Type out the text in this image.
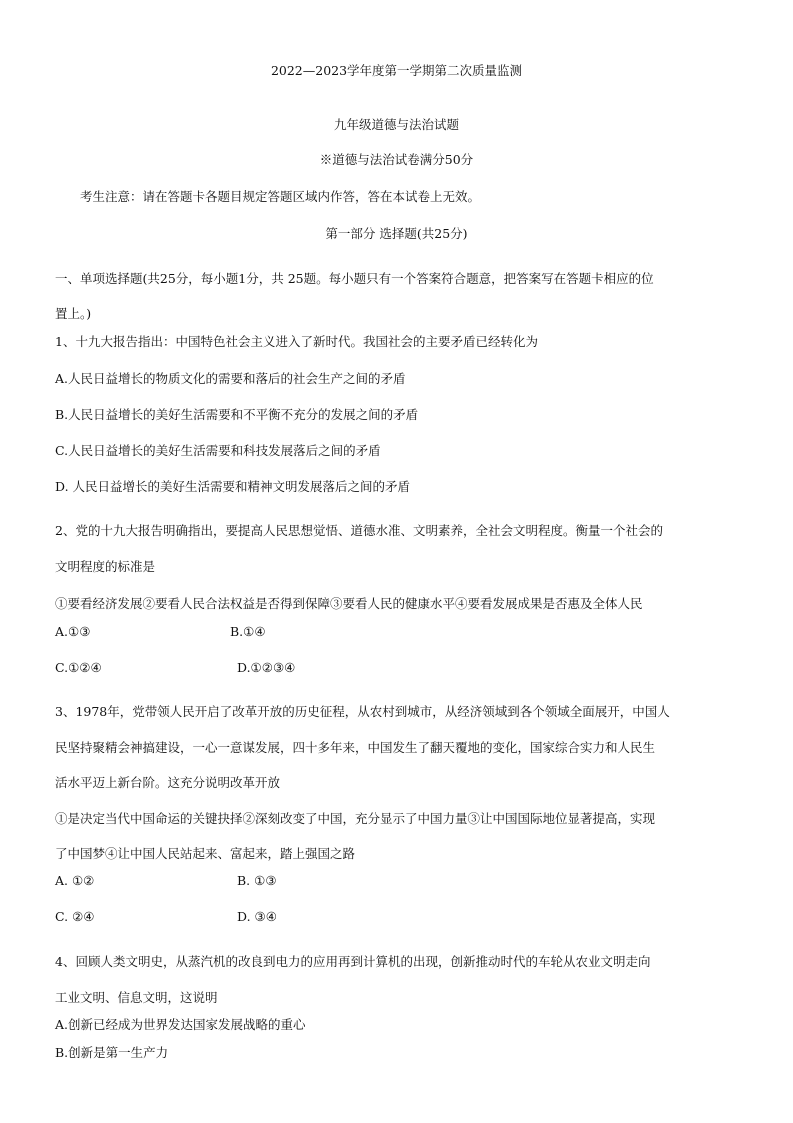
2022—2023学年度第一学期第二次质量监测
九年级道德与法治试题
※道德与法治试卷满分50分
考生注意：请在答题卡各题目规定答题区域内作答，答在本试卷上无效。
第一部分 选择题(共25分)
一、单项选择题(共25分，每小题1分，共 25题。每小题只有一个答案符合题意，把答案写在答题卡相应的位
置上。)
1、十九大报告指出：中国特色社会主义进入了新时代。我国社会的主要矛盾已经转化为
A.人民日益增长的物质文化的需要和落后的社会生产之间的矛盾
B.人民日益增长的美好生活需要和不平衡不充分的发展之间的矛盾
C.人民日益增长的美好生活需要和科技发展落后之间的矛盾
D. 人民日益增长的美好生活需要和精神文明发展落后之间的矛盾
2、党的十九大报告明确指出，要提高人民思想觉悟、道德水准、文明素养，全社会文明程度。衡量一个社会的
文明程度的标准是
①要看经济发展②要看人民合法权益是否得到保障③要看人民的健康水平④要看发展成果是否惠及全体人民
A.①③	B.①④
C.①②④	D.①②③④
3、1978年，党带领人民开启了改革开放的历史征程，从农村到城市，从经济领域到各个领域全面展开，中国人
民坚持聚精会神搞建设，一心一意谋发展，四十多年来，中国发生了翻天覆地的变化，国家综合实力和人民生
活水平迈上新台阶。这充分说明改革开放
①是决定当代中国命运的关键抉择②深刻改变了中国，充分显示了中国力量③让中国国际地位显著提高，实现
了中国梦④让中国人民站起来、富起来，踏上强国之路
A. ①②	B. ①③
C. ②④	D. ③④
4、回顾人类文明史，从蒸汽机的改良到电力的应用再到计算机的出现，创新推动时代的车轮从农业文明走向
工业文明、信息文明，这说明
A.创新已经成为世界发达国家发展战略的重心
B.创新是第一生产力
